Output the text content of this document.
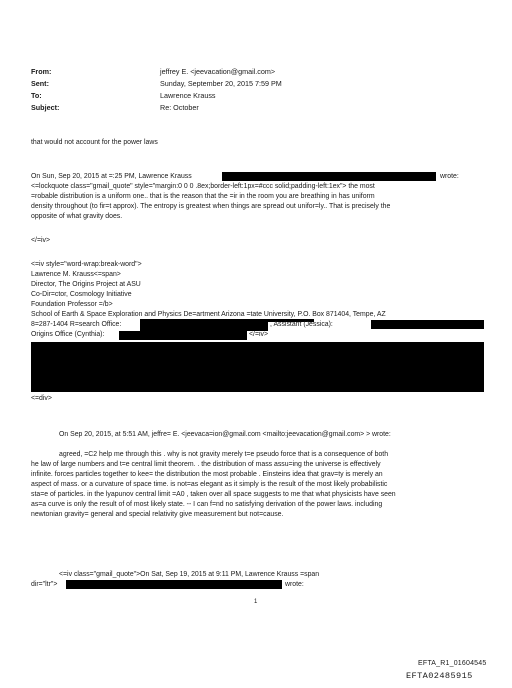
From:	jeffrey E. <jeevacation@gmail.com>
Sent:	Sunday, September 20, 2015 7:59 PM
To:	Lawrence Krauss
Subject:	Re: October
that would not account for the power laws
On Sun, Sep 20, 2015 at =:25 PM, Lawrence Krauss	wrote:
<=lockquote class="gmail_quote" style="margin:0 0 0 .8ex;border-left:1px=#ccc solid;padding-left:1ex"> the most
=robable distribution is a uniform one.. that is the reason that the =ir in the room you are breathing in has uniform
density throughout (to fir=t approx). The entropy is greatest when things are spread out unifor=ly.. That is precisely the
opposite of what gravity does.
</=iv>
<=iv style="word-wrap:break-word">
Lawrence M. Krauss<=span>
Director, The Origins Project at ASU
Co-Dir=ctor, Cosmology Initiative
Foundation Professor =/b>
School of Earth & Space Exploration and Physics De=artment Arizona =tate University, P.O. Box 871404, Tempe, AZ
8=287-1404 R=search Office:	, Assistant (Jessica):
Origins Office (Cynthia):	</=iv>
<=div>
On Sep 20, 2015, at 5:51 AM, jeffre= E. <jeevaca=ion@gmail.com <mailto:jeevacation@gmail.com> > wrote:
agreed, =C2 help me through this . why is not gravity merely t=e pseudo force that is a consequence of both
he law of large numbers and t=e central limit theorem. . the distribution of mass assu=ing the universe is effectively
infinite. forces particles together to kee= the distribution the most probable . Einsteins idea that grav=ty is merely an
aspect of mass. or a curvature of space time. is not=as elegant as it simply is the result of the most likely probabilistic
sta=e of particles. in the lyapunov central limit =A0 , taken over all space suggests to me that what physicists have seen
as=a curve is only the result of of most likely state. -- I can f=nd no satisfying derivation of the power laws. including
newtonian gravity= general and special relativity give measurement but not=cause.
<=iv class="gmail_quote">On Sat, Sep 19, 2015 at 9:11 PM, Lawrence Krauss =span
dir="ltr">	wrote:
1
EFTA_R1_01604545
EFTA02485915
